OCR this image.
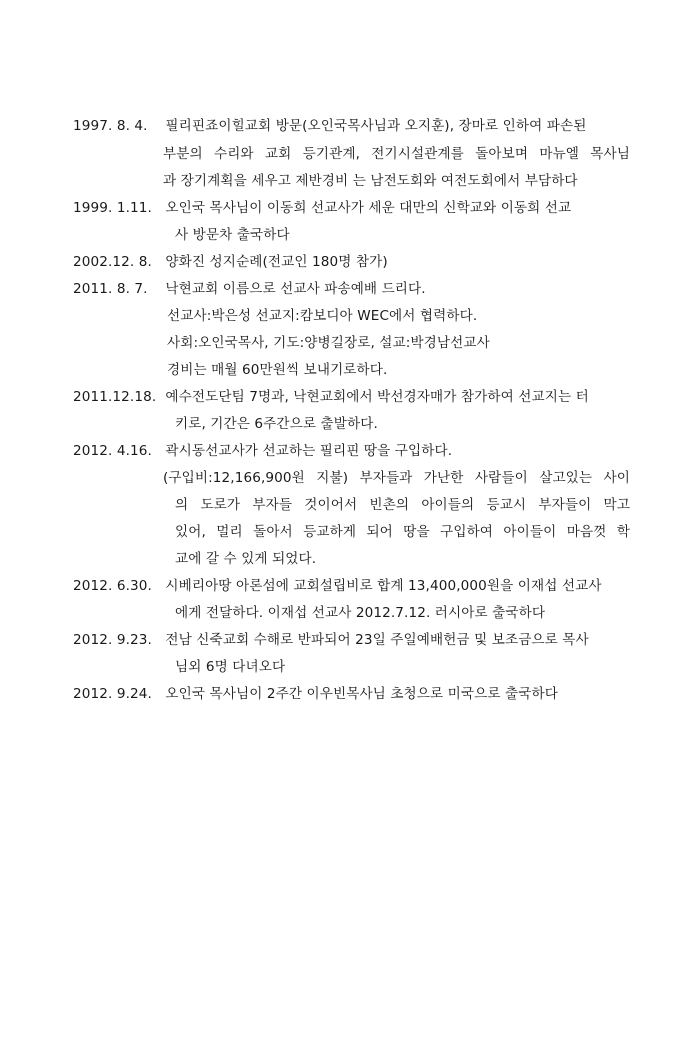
1997. 8. 4. 필리핀죠이힐교회 방문(오인국목사님과 오지훈), 장마로 인하여 파손된
부분의 수리와 교회 등기관계, 전기시설관계를 돌아보며 마뉴엘 목사님
과 장기계획을 세우고 제반경비 는 남전도회와 여전도회에서 부담하다
1999. 1.11. 오인국 목사님이 이동희 선교사가 세운 대만의 신학교와 이동희 선교
사 방문차 출국하다
2002.12. 8. 양화진 성지순례(전교인 180명 참가)
2011. 8. 7. 낙현교회 이름으로 선교사 파송예배 드리다.
선교사:박은성 선교지:캄보디아 WEC에서 협력하다.
사회:오인국목사, 기도:양병길장로, 설교:박경남선교사
경비는 매월 60만원씩 보내기로하다.
2011.12.18. 예수전도단팀 7명과, 낙현교회에서 박선경자매가 참가하여 선교지는 터
키로, 기간은 6주간으로 출발하다.
2012. 4.16. 곽시동선교사가 선교하는 필리핀 땅을 구입하다.
(구입비:12,166,900원 지불) 부자들과 가난한 사람들이 살고있는 사이
의 도로가 부자들 것이어서 빈촌의 아이들의 등교시 부자들이 막고
있어, 멀리 돌아서 등교하게 되어 땅을 구입하여 아이들이 마음껏 학
교에 갈 수 있게 되었다.
2012. 6.30. 시베리아땅 아론섬에 교회설립비로 합계 13,400,000원을 이재섭 선교사
에게 전달하다. 이재섭 선교사 2012.7.12. 러시아로 출국하다
2012. 9.23. 전남 신죽교회 수해로 반파되어 23일 주일예배헌금 및 보조금으로 목사
님외 6명 다녀오다
2012. 9.24. 오인국 목사님이 2주간 이우빈목사님 초청으로 미국으로 출국하다
